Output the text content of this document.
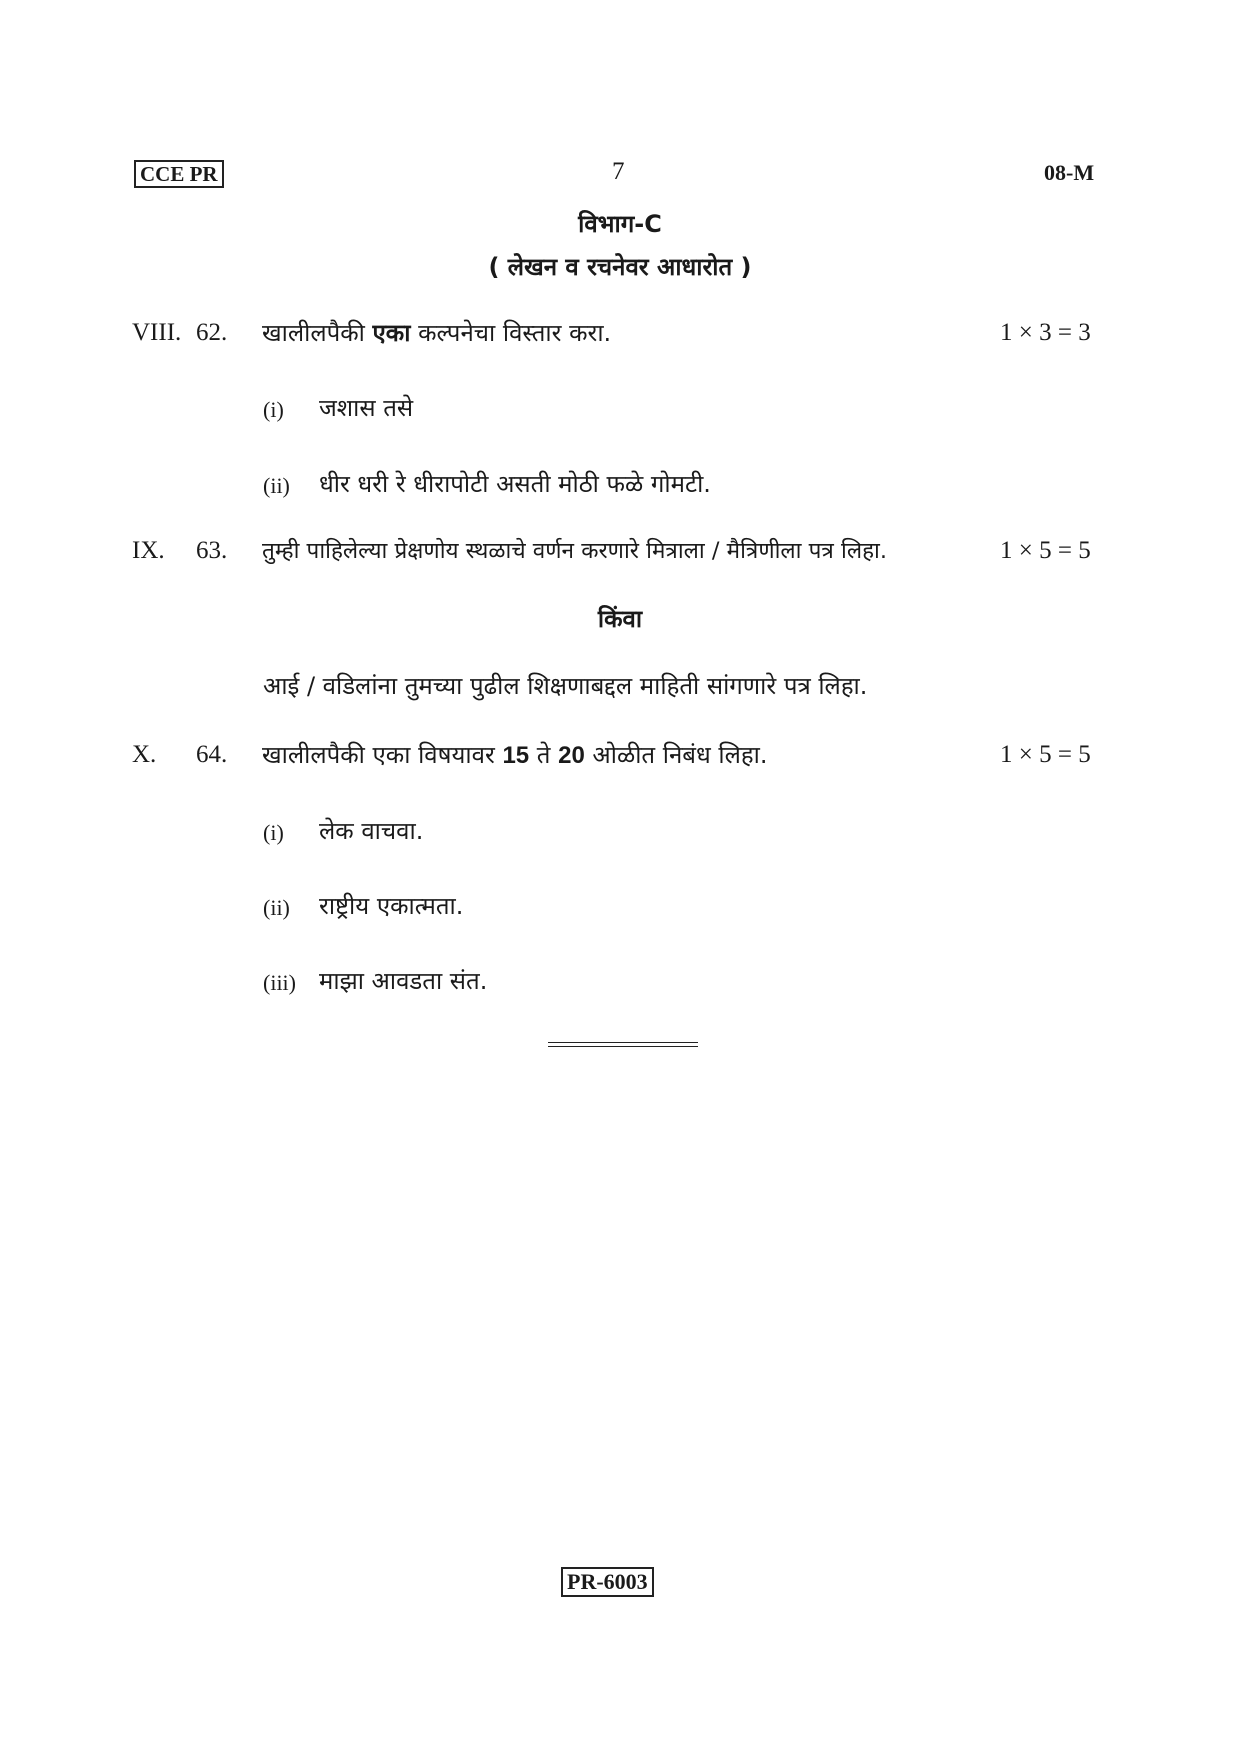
CCE PR	7	08-M
विभाग-C
( लेखन व रचनेवर आधारोत )
VIII. 62. खालीलपैकी एका कल्पनेचा विस्तार करा.	1 × 3 = 3
(i) जशास तसे
(ii) धीर धरी रे धीरापोटी असती मोठी फळे गोमटी.
IX. 63. तुम्ही पाहिलेल्या प्रेक्षणोय स्थळाचे वर्णन करणारे मित्राला / मैत्रिणीला पत्र लिहा.	1 × 5 = 5
किंवा
आई / वडिलांना तुमच्या पुढील शिक्षणाबद्दल माहिती सांगणारे पत्र लिहा.
X. 64. खालीलपैकी एका विषयावर 15 ते 20 ओळीत निबंध लिहा.	1 × 5 = 5
(i) लेक वाचवा.
(ii) राष्ट्रीय एकात्मता.
(iii) माझा आवडता संत.
PR-6003
